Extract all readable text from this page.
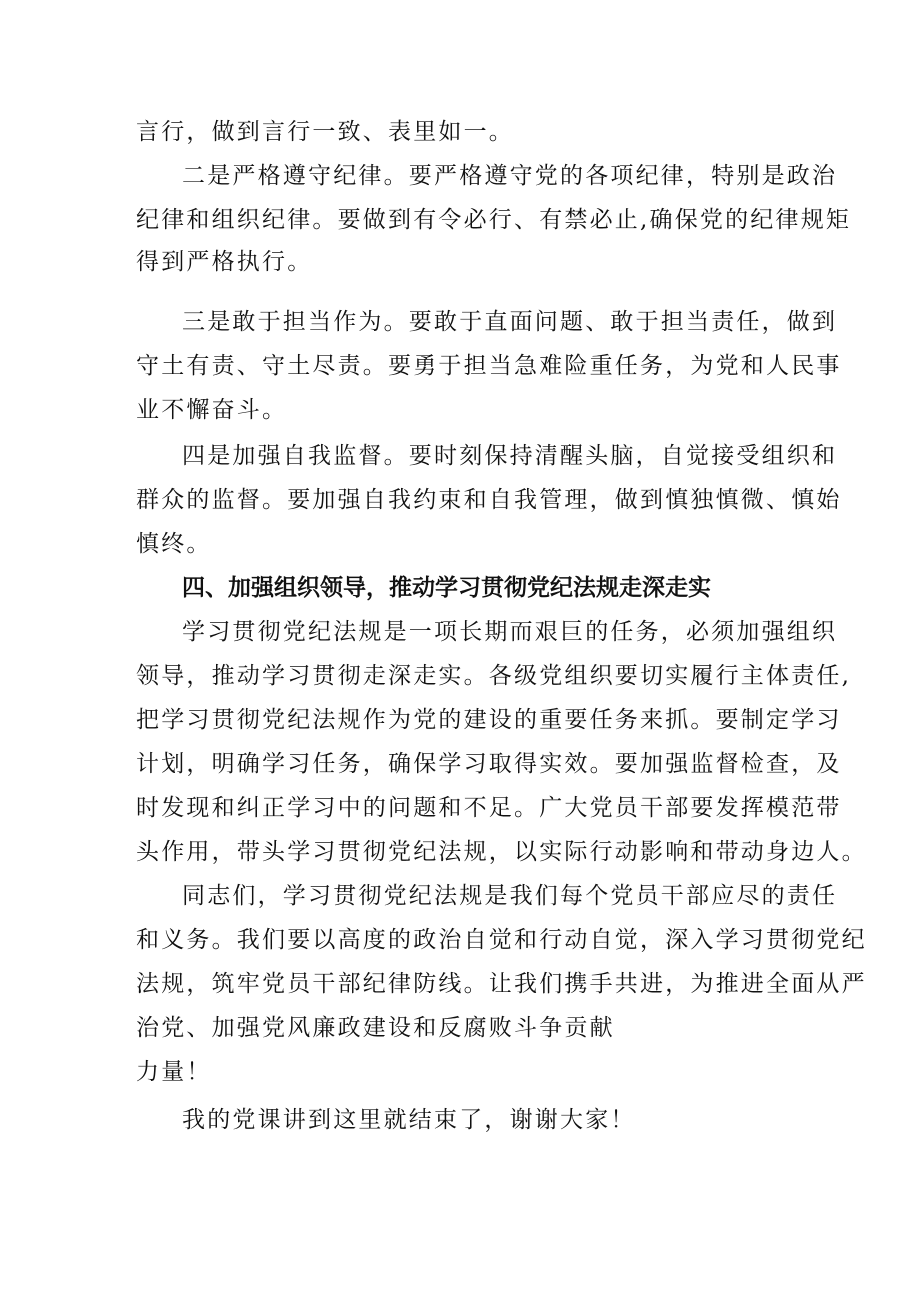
言行，做到言行一致、表里如一。
二是严格遵守纪律。要严格遵守党的各项纪律，特别是政治
纪律和组织纪律。要做到有令必行、有禁必止,确保党的纪律规矩
得到严格执行。
三是敢于担当作为。要敢于直面问题、敢于担当责任，做到
守土有责、守土尽责。要勇于担当急难险重任务，为党和人民事
业不懈奋斗。
四是加强自我监督。要时刻保持清醒头脑，自觉接受组织和
群众的监督。要加强自我约束和自我管理，做到慎独慎微、慎始
慎终。
四、加强组织领导，推动学习贯彻党纪法规走深走实
学习贯彻党纪法规是一项长期而艰巨的任务，必须加强组织
领导，推动学习贯彻走深走实。各级党组织要切实履行主体责任,
把学习贯彻党纪法规作为党的建设的重要任务来抓。要制定学习
计划，明确学习任务，确保学习取得实效。要加强监督检查，及
时发现和纠正学习中的问题和不足。广大党员干部要发挥模范带
头作用，带头学习贯彻党纪法规，以实际行动影响和带动身边人。
同志们，学习贯彻党纪法规是我们每个党员干部应尽的责任
和义务。我们要以高度的政治自觉和行动自觉，深入学习贯彻党纪
法规，筑牢党员干部纪律防线。让我们携手共进，为推进全面从严
治党、加强党风廉政建设和反腐败斗争贡献
力量！
我的党课讲到这里就结束了，谢谢大家！
